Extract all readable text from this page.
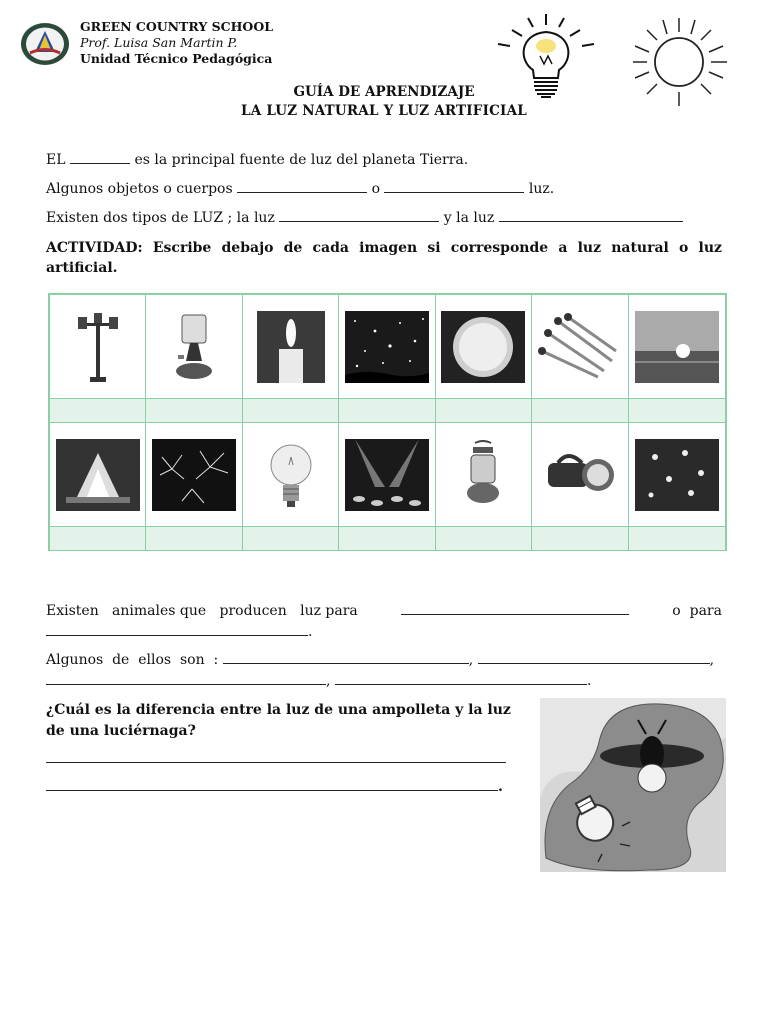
GREEN COUNTRY SCHOOL
Prof. Luisa San Martin P.
Unidad Técnico Pedagógica
GUÍA DE APRENDIZAJE
LA LUZ NATURAL Y LUZ ARTIFICIAL
EL	es la principal fuente de luz del planeta Tierra.
Algunos objetos o cuerpos	o	luz.
Existen dos tipos de LUZ ; la luz	y la luz
ACTIVIDAD: Escribe debajo de cada imagen si corresponde a luz natural o luz artificial.
Existen   animales que   producen   luz para	o  para
.
Algunos  de  ellos  son  :	,	,
,	.
¿Cuál es la diferencia entre la luz de una ampolleta y la luz de una luciérnaga?
.
